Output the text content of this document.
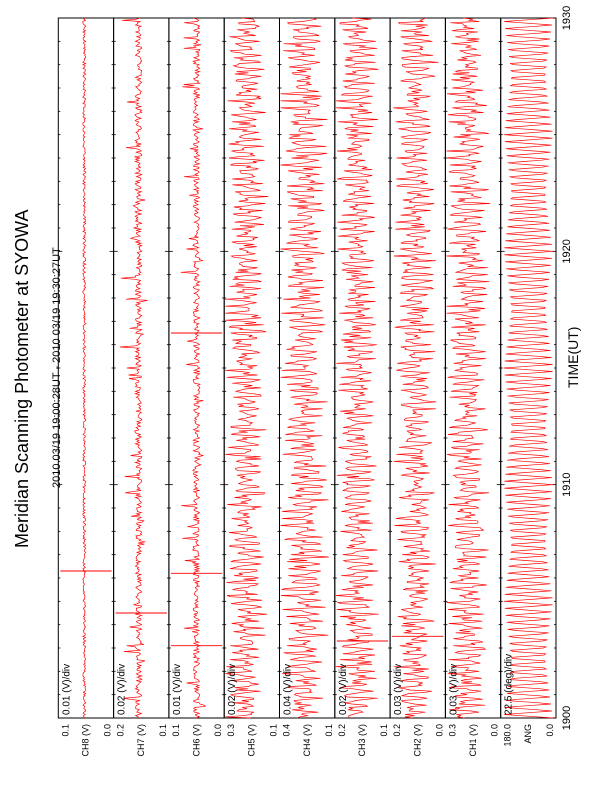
180.0	0.0
ANG
22.5 (deg)/div
0.3	0.0
CH1 (V)
0.03 (V)/div
0.2	0.0
CH2 (V)
0.03 (V)/div
0.2	0.1
CH3 (V)
0.02 (V)/div
0.4	0.1
CH4 (V)
0.04 (V)/div
0.3	0.1
CH5 (V)
0.02 (V)/div
0.1	0.0
CH6 (V)
0.01 (V)/div
0.2	0.1
CH7 (V)
0.02 (V)/div
0.1	0.0
CH8 (V)
0.01 (V)/div
1900
1910
1920
1930
Meridian Scanning Photometer at SYOWA 2010 03/19 19:00:28UT - 2010 03/19 19:30:27UT	TIME(UT)
